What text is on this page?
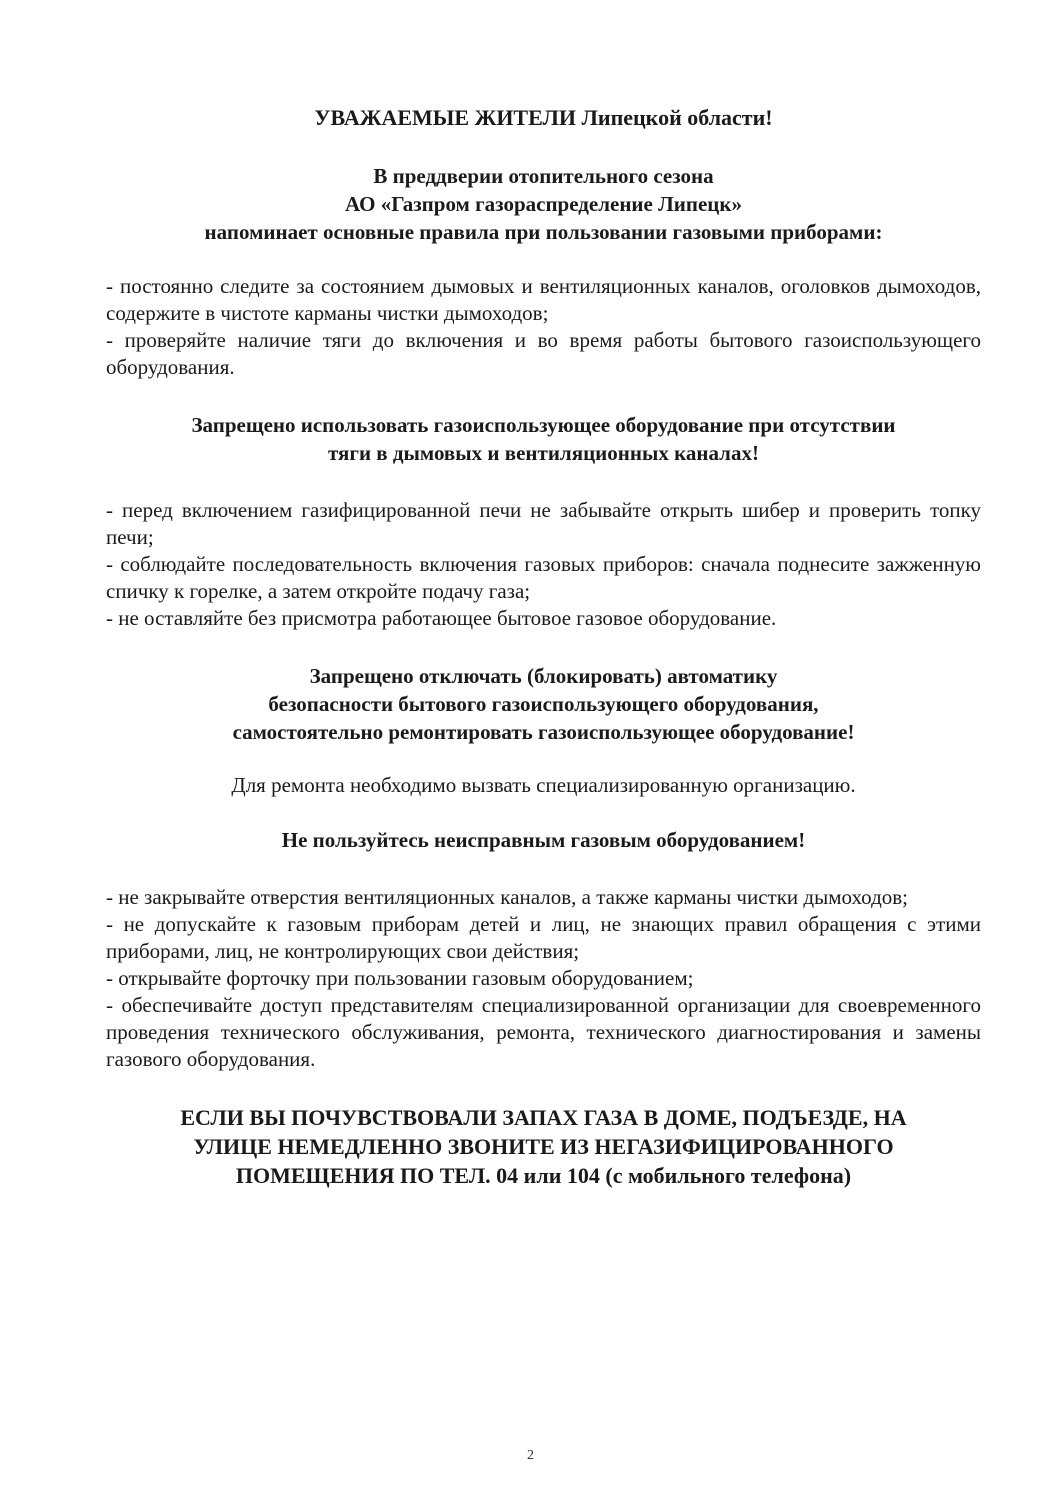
УВАЖАЕМЫЕ ЖИТЕЛИ Липецкой области!

В преддверии отопительного сезона

АО «Газпром газораспределение Липецк»

напоминает основные правила при пользовании газовыми приборами:

- постоянно следите за состоянием дымовых и вентиляционных каналов, оголовков дымоходов, содержите в чистоте карманы чистки дымоходов;

- проверяйте наличие тяги до включения и во время работы бытового газоиспользующего оборудования.

Запрещено использовать газоиспользующее оборудование при отсутствии

тяги в дымовых и вентиляционных каналах!

- перед включением газифицированной печи не забывайте открыть шибер и проверить топку печи;

- соблюдайте последовательность включения газовых приборов: сначала поднесите зажженную спичку к горелке, а затем откройте подачу газа;

- не оставляйте без присмотра работающее бытовое газовое оборудование.

Запрещено отключать (блокировать) автоматику

безопасности бытового газоиспользующего оборудования,

самостоятельно ремонтировать газоиспользующее оборудование!

Для ремонта необходимо вызвать специализированную организацию.

Не пользуйтесь неисправным газовым оборудованием!

- не закрывайте отверстия вентиляционных каналов, а также карманы чистки дымоходов;

- не допускайте к газовым приборам детей и лиц, не знающих правил обращения с этими приборами, лиц, не контролирующих свои действия;

- открывайте форточку при пользовании газовым оборудованием;

- обеспечивайте доступ представителям специализированной организации для своевременного проведения технического обслуживания, ремонта, технического диагностирования и замены газового оборудования.

ЕСЛИ ВЫ ПОЧУВСТВОВАЛИ ЗАПАХ ГАЗА В ДОМЕ, ПОДЪЕЗДЕ, НА

УЛИЦЕ НЕМЕДЛЕННО ЗВОНИТЕ ИЗ НЕГАЗИФИЦИРОВАННОГО

ПОМЕЩЕНИЯ ПО ТЕЛ. 04 или 104 (с мобильного телефона)

2
